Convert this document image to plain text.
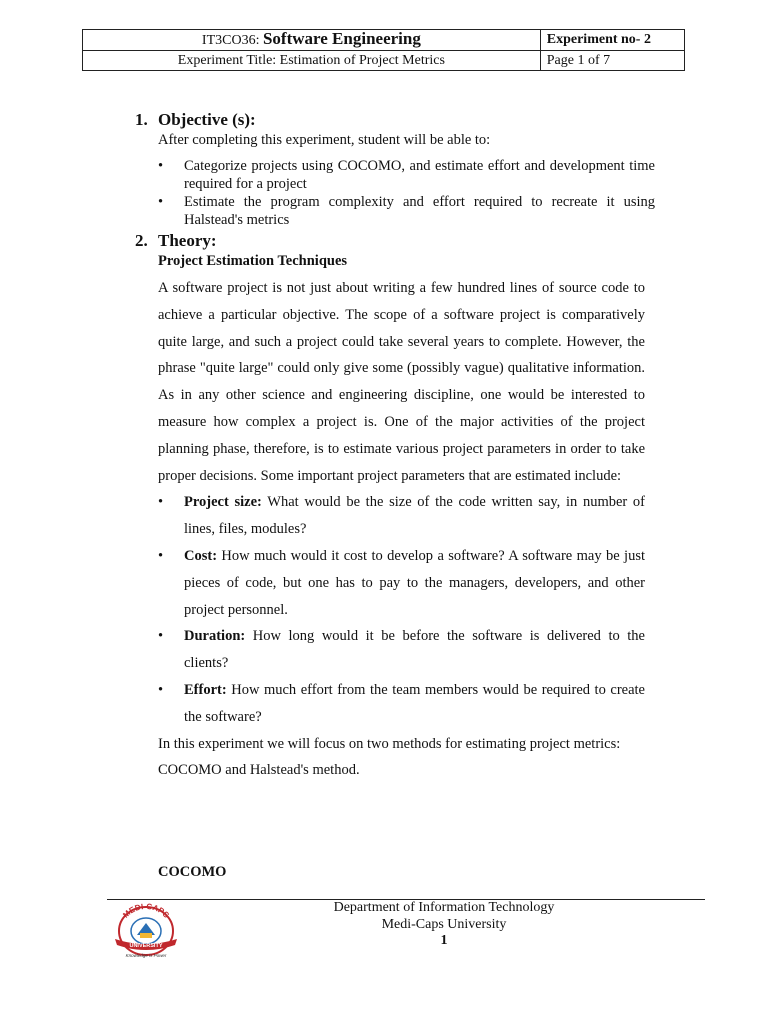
IT3CO36: Software Engineering	Experiment no- 2
Experiment Title: Estimation of Project Metrics	Page 1 of 7
1. Objective (s):
After completing this experiment, student will be able to:
• Categorize projects using COCOMO, and estimate effort and development time required for a project
• Estimate the program complexity and effort required to recreate it using Halstead's metrics
2. Theory:
Project Estimation Techniques
A software project is not just about writing a few hundred lines of source code to achieve a particular objective. The scope of a software project is comparatively quite large, and such a project could take several years to complete. However, the phrase "quite large" could only give some (possibly vague) qualitative information. As in any other science and engineering discipline, one would be interested to measure how complex a project is. One of the major activities of the project planning phase, therefore, is to estimate various project parameters in order to take proper decisions. Some important project parameters that are estimated include:
• Project size: What would be the size of the code written say, in number of lines, files, modules?
• Cost: How much would it cost to develop a software? A software may be just pieces of code, but one has to pay to the managers, developers, and other project personnel.
• Duration: How long would it be before the software is delivered to the clients?
• Effort: How much effort from the team members would be required to create the software?
In this experiment we will focus on two methods for estimating project metrics: COCOMO and Halstead's method.
COCOMO
MEDI-CAPS
UNIVERSITY
Knowledge is Power
Department of Information Technology
Medi-Caps University
1
